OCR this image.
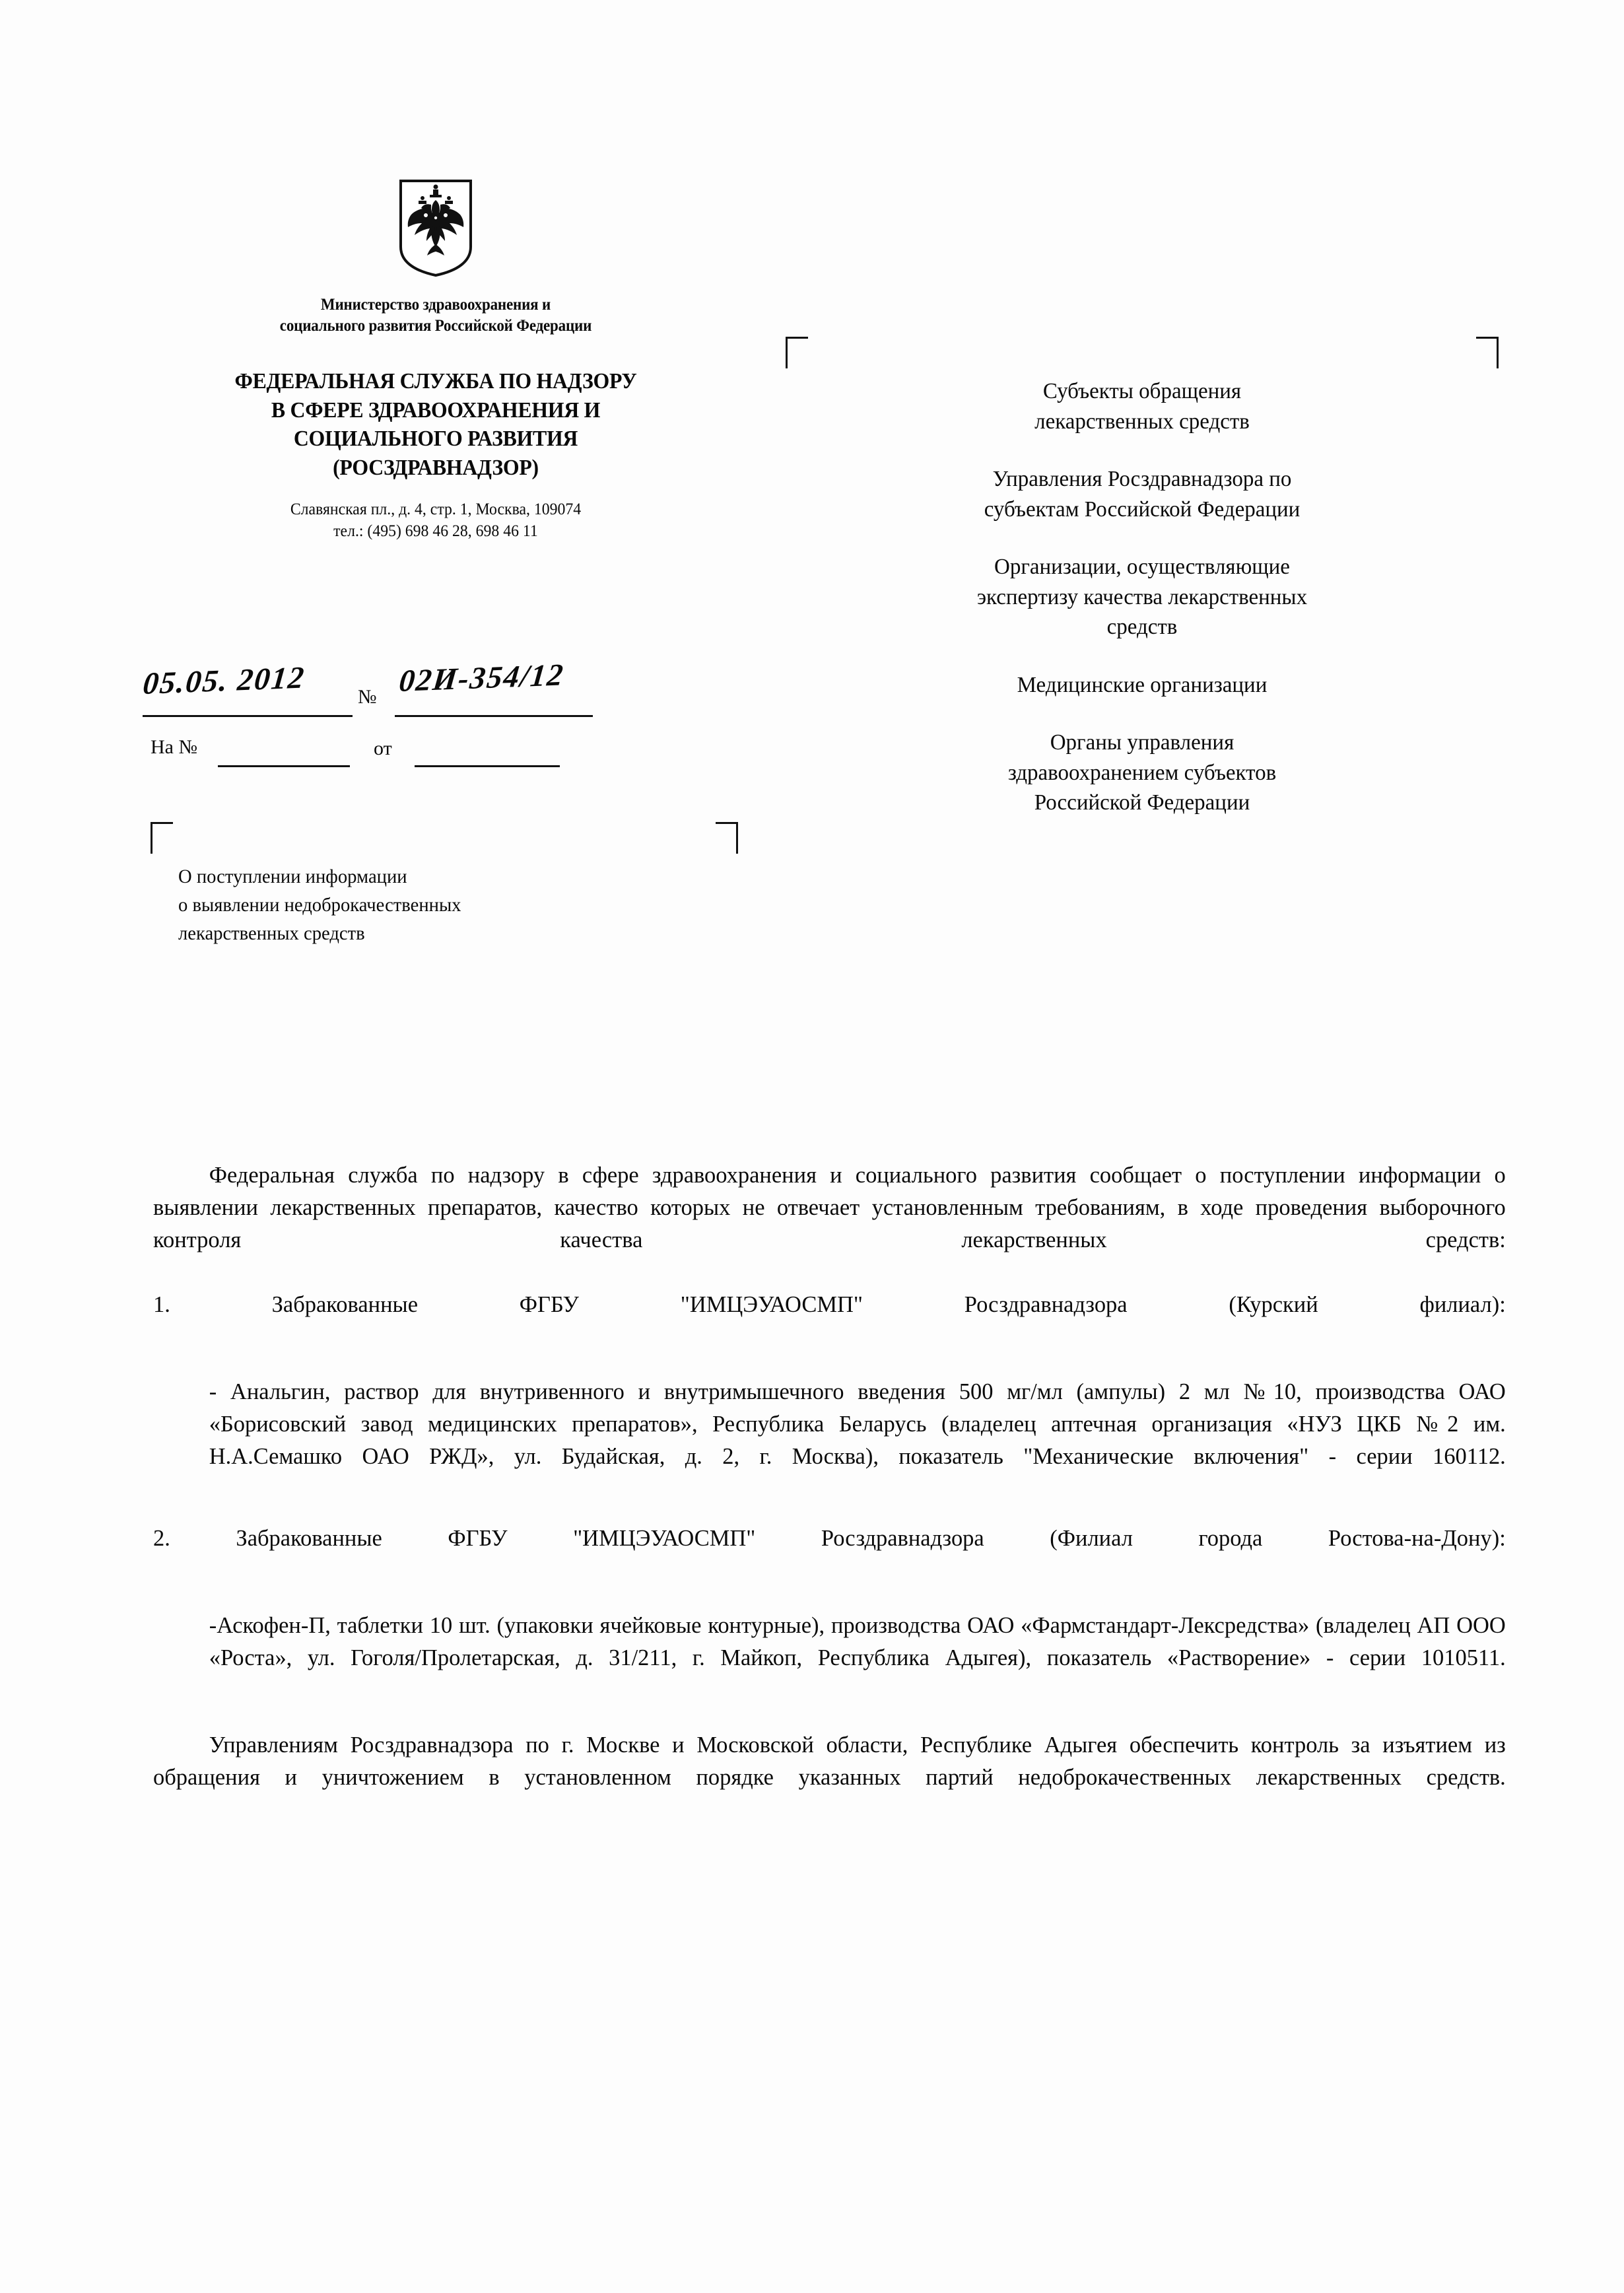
Министерство здравоохранения и
социального развития Российской Федерации
ФЕДЕРАЛЬНАЯ СЛУЖБА ПО НАДЗОРУ
В СФЕРЕ ЗДРАВООХРАНЕНИЯ И
СОЦИАЛЬНОГО РАЗВИТИЯ
(РОСЗДРАВНАДЗОР)
Славянская пл., д. 4, стр. 1, Москва, 109074
тел.: (495) 698 46 28, 698 46 11
05.05. 2012	№ 02И-354/12
На №	от
О поступлении информации
о выявлении недоброкачественных
лекарственных средств
Субъекты обращения
лекарственных средств
Управления Росздравнадзора по
субъектам Российской Федерации
Организации, осуществляющие
экспертизу качества лекарственных
средств
Медицинские организации
Органы управления
здравоохранением субъектов
Российской Федерации

Федеральная служба по надзору в сфере здравоохранения и социального развития сообщает о поступлении информации о выявлении лекарственных препаратов, качество которых не отвечает установленным требованиям, в ходе проведения выборочного контроля качества лекарственных средств:

1. Забракованные ФГБУ "ИМЦЭУАОСМП" Росздравнадзора (Курский филиал):

- Анальгин, раствор для внутривенного и внутримышечного введения 500 мг/мл (ампулы) 2 мл №10, производства ОАО «Борисовский завод медицинских препаратов», Республика Беларусь (владелец аптечная организация «НУЗ ЦКБ №2 им. Н.А.Семашко ОАО РЖД», ул. Будайская, д. 2, г. Москва), показатель "Механические включения" - серии 160112.

2. Забракованные ФГБУ "ИМЦЭУАОСМП" Росздравнадзора (Филиал города Ростова-на-Дону):

-Аскофен-П, таблетки 10 шт. (упаковки ячейковые контурные), производства ОАО «Фармстандарт-Лексредства» (владелец АП ООО «Роста», ул. Гоголя/Пролетарская, д. 31/211, г. Майкоп, Республика Адыгея), показатель «Растворение» - серии 1010511.

Управлениям Росздравнадзора по г. Москве и Московской области, Республике Адыгея обеспечить контроль за изъятием из обращения и уничтожением в установленном порядке указанных партий недоброкачественных лекарственных средств.
